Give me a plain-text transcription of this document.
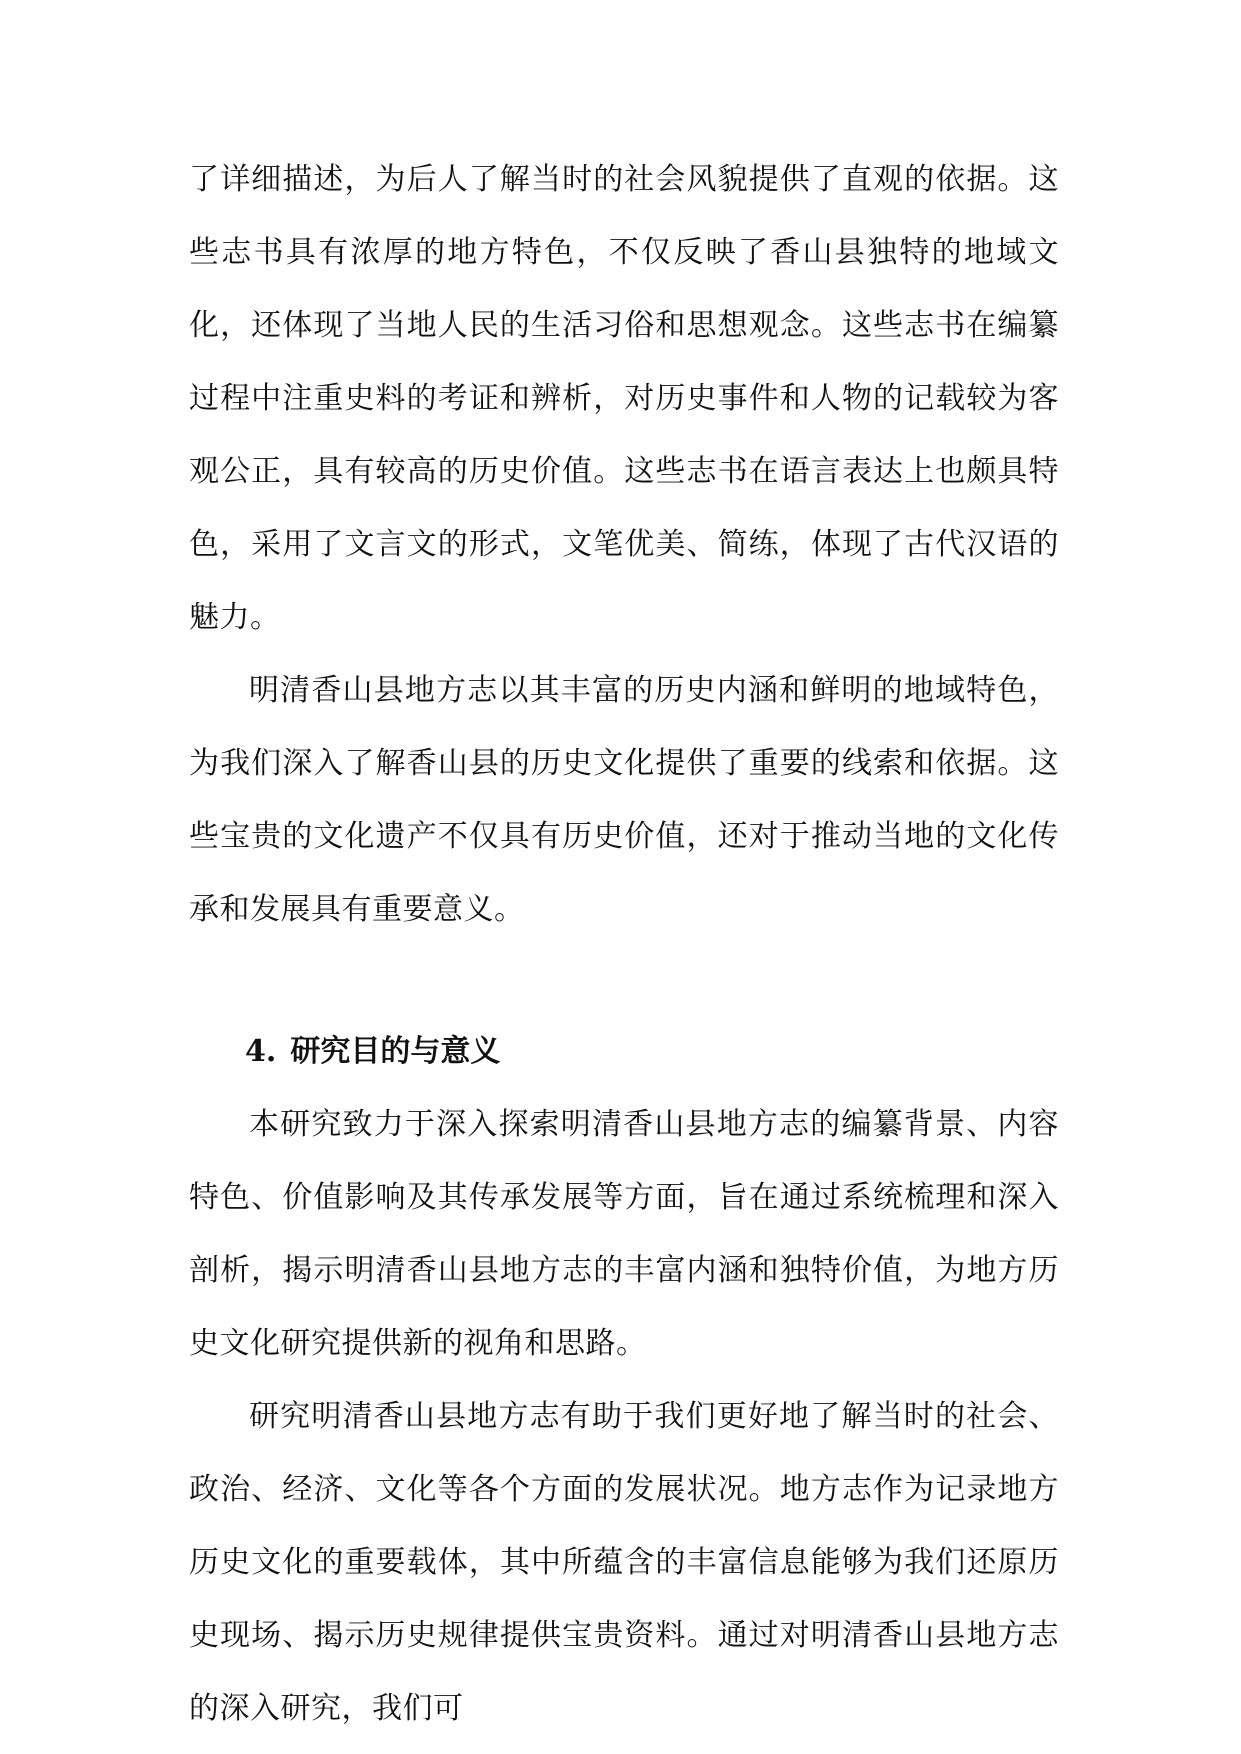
了详细描述，为后人了解当时的社会风貌提供了直观的依据。这些志书具有浓厚的地方特色，不仅反映了香山县独特的地域文化，还体现了当地人民的生活习俗和思想观念。这些志书在编纂过程中注重史料的考证和辨析，对历史事件和人物的记载较为客观公正，具有较高的历史价值。这些志书在语言表达上也颇具特色，采用了文言文的形式，文笔优美、简练，体现了古代汉语的魅力。

明清香山县地方志以其丰富的历史内涵和鲜明的地域特色，为我们深入了解香山县的历史文化提供了重要的线索和依据。这些宝贵的文化遗产不仅具有历史价值，还对于推动当地的文化传承和发展具有重要意义。

4. 研究目的与意义

本研究致力于深入探索明清香山县地方志的编纂背景、内容特色、价值影响及其传承发展等方面，旨在通过系统梳理和深入剖析，揭示明清香山县地方志的丰富内涵和独特价值，为地方历史文化研究提供新的视角和思路。

研究明清香山县地方志有助于我们更好地了解当时的社会、政治、经济、文化等各个方面的发展状况。地方志作为记录地方历史文化的重要载体，其中所蕴含的丰富信息能够为我们还原历史现场、揭示历史规律提供宝贵资料。通过对明清香山县地方志的深入研究，我们可
